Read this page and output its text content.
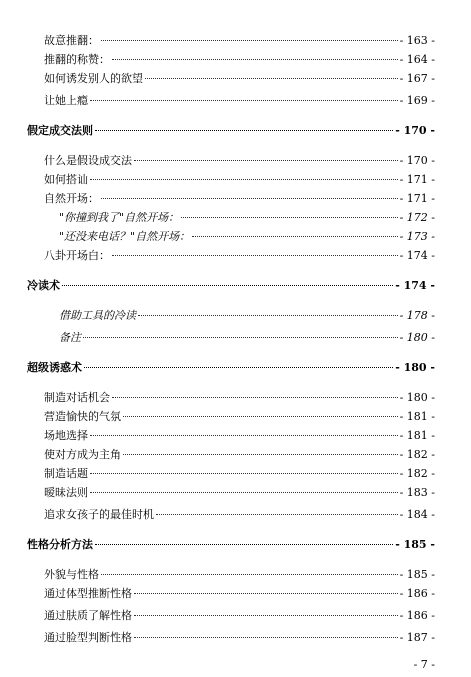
故意推翻：	- 163 -
推翻的称赞：	- 164 -
如何诱发别人的欲望	- 167 -
让她上瘾	- 169 -
假定成交法则	- 170 -
什么是假设成交法	- 170 -
如何搭讪	- 171 -
自然开场：	- 171 -
"你撞到我了"自然开场：	- 172 -
"还没来电话？"自然开场：	- 173 -
八卦开场白：	- 174 -
冷读术	- 174 -
借助工具的冷读	- 178 -
备注	- 180 -
超级诱惑术	- 180 -
制造对话机会	- 180 -
营造愉快的气氛	- 181 -
场地选择	- 181 -
使对方成为主角	- 182 -
制造话题	- 182 -
暧昧法则	- 183 -
追求女孩子的最佳时机	- 184 -
性格分析方法	- 185 -
外貌与性格	- 185 -
通过体型推断性格	- 186 -
通过肤质了解性格	- 186 -
通过脸型判断性格	- 187 -
- 7 -
